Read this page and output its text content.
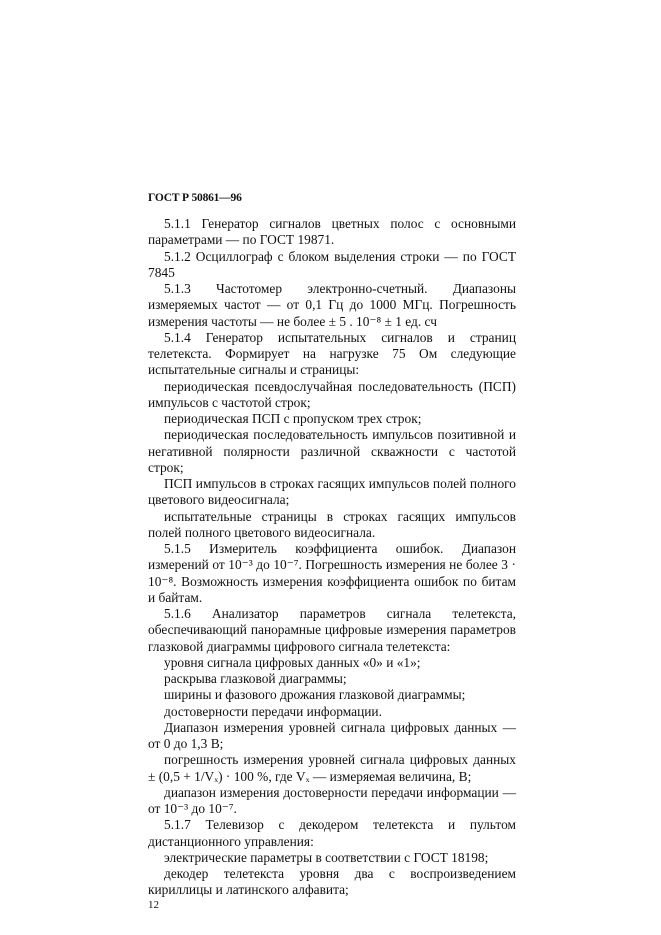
ГОСТ Р 50861—96

5.1.1 Генератор сигналов цветных полос с основными параметрами — по ГОСТ 19871.

5.1.2 Осциллограф с блоком выделения строки — по ГОСТ 7845

5.1.3 Частотомер электронно-счетный. Диапазоны измеряемых частот — от 0,1 Гц до 1000 МГц. Погрешность измерения частоты — не более ± 5 . 10⁻⁸ ± 1 ед. сч

5.1.4 Генератор испытательных сигналов и страниц телетекста. Формирует на нагрузке 75 Ом следующие испытательные сигналы и страницы:

периодическая псевдослучайная последовательность (ПСП) импульсов с частотой строк;

периодическая ПСП с пропуском трех строк;

периодическая последовательность импульсов позитивной и негативной полярности различной скважности с частотой строк;

ПСП импульсов в строках гасящих импульсов полей полного цветового видеосигнала;

испытательные страницы в строках гасящих импульсов полей полного цветового видеосигнала.

5.1.5 Измеритель коэффициента ошибок. Диапазон измерений от 10⁻³ до 10⁻⁷. Погрешность измерения не более 3 · 10⁻⁸. Возможность измерения коэффициента ошибок по битам и байтам.

5.1.6 Анализатор параметров сигнала телетекста, обеспечивающий панорамные цифровые измерения параметров глазковой диаграммы цифрового сигнала телетекста:

уровня сигнала цифровых данных «0» и «1»;

раскрыва глазковой диаграммы;

ширины и фазового дрожания глазковой диаграммы;

достоверности передачи информации.

Диапазон измерения уровней сигнала цифровых данных — от 0 до 1,3 В;

погрешность измерения уровней сигнала цифровых данных ± (0,5 + 1/Vₓ) · 100 %, где Vₓ — измеряемая величина, В;

диапазон измерения достоверности передачи информации — от 10⁻³ до 10⁻⁷.

5.1.7 Телевизор с декодером телетекста и пультом дистанционного управления:

электрические параметры в соответствии с ГОСТ 18198;

декодер телетекста уровня два с воспроизведением кириллицы и латинского алфавита;

12
